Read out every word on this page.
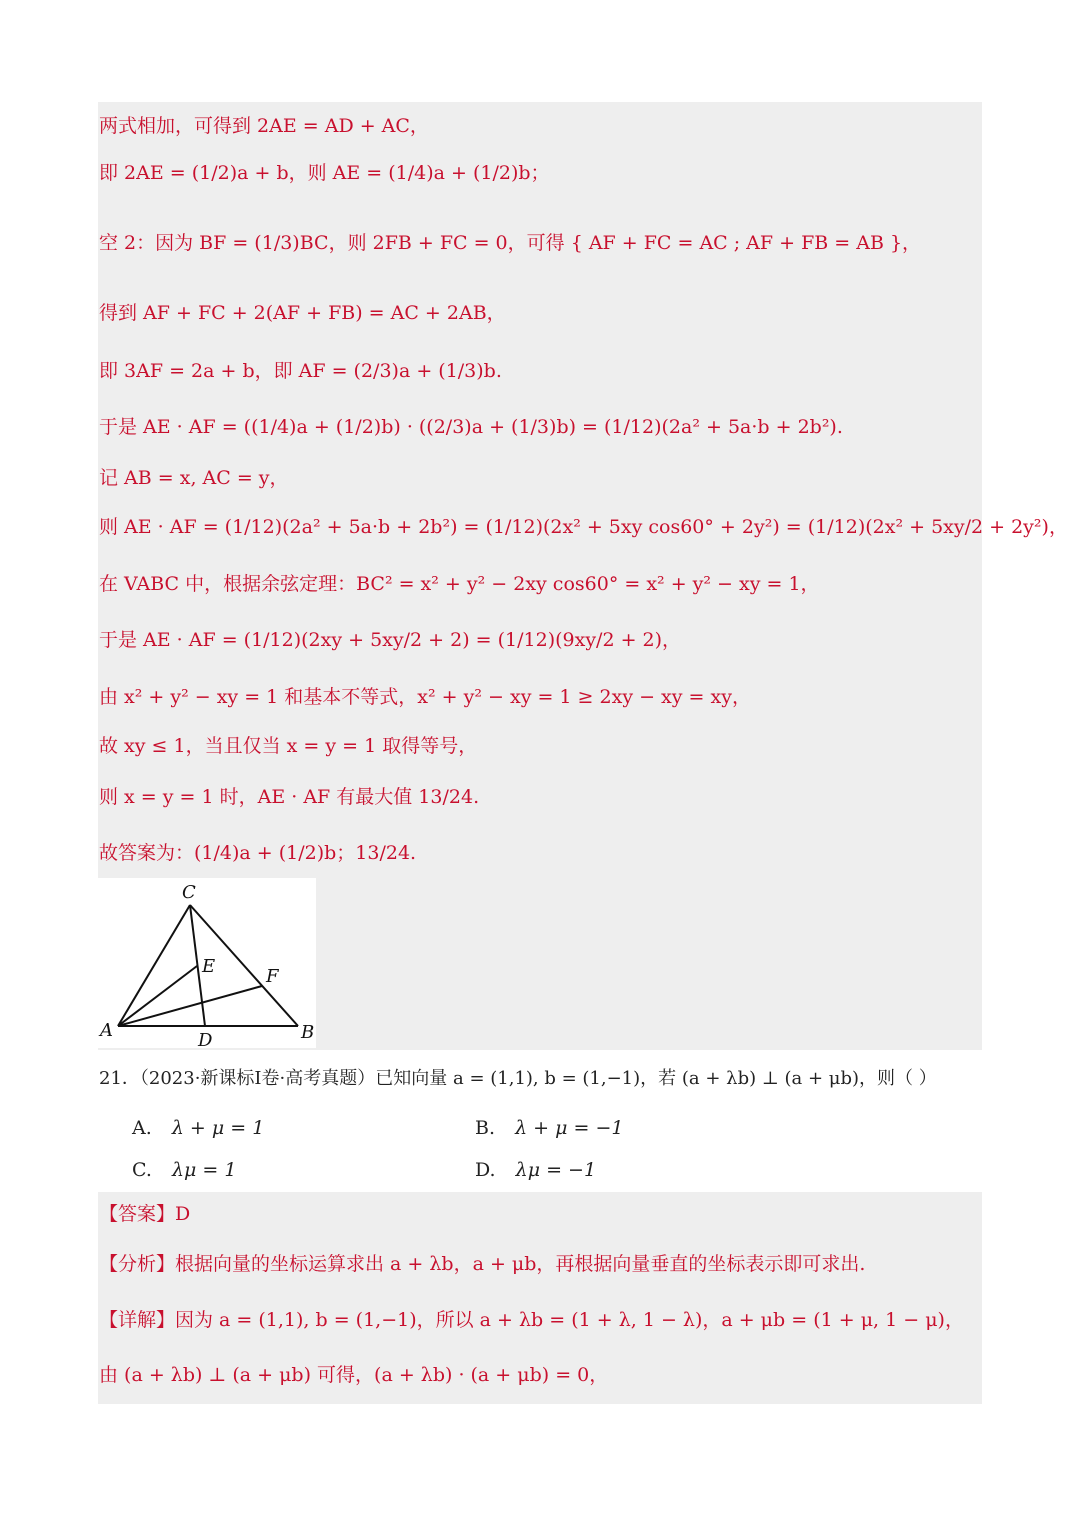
两式相加，可得到 2AE = AD + AC，
即 2AE = (1/2)a + b，则 AE = (1/4)a + (1/2)b；
空 2：因为 BF = (1/3)BC，则 2FB + FC = 0，可得 { AF + FC = AC ; AF + FB = AB }，
得到 AF + FC + 2(AF + FB) = AC + 2AB，
即 3AF = 2a + b，即 AF = (2/3)a + (1/3)b.
于是 AE · AF = ((1/4)a + (1/2)b) · ((2/3)a + (1/3)b) = (1/12)(2a² + 5a·b + 2b²).
记 AB = x, AC = y，
则 AE · AF = (1/12)(2a² + 5a·b + 2b²) = (1/12)(2x² + 5xy cos60° + 2y²) = (1/12)(2x² + 5xy/2 + 2y²)，
在 VABC 中，根据余弦定理：BC² = x² + y² − 2xy cos60° = x² + y² − xy = 1，
于是 AE · AF = (1/12)(2xy + 5xy/2 + 2) = (1/12)(9xy/2 + 2)，
由 x² + y² − xy = 1 和基本不等式，x² + y² − xy = 1 ≥ 2xy − xy = xy，
故 xy ≤ 1，当且仅当 x = y = 1 取得等号，
则 x = y = 1 时，AE · AF 有最大值 13/24.
故答案为：(1/4)a + (1/2)b；13/24.
C
E	F
A	D	B
21．（2023·新课标Ⅰ卷·高考真题）已知向量 a = (1,1), b = (1,−1)，若 (a + λb) ⊥ (a + μb)，则（ ）
A. λ + μ = 1	B. λ + μ = −1
C. λμ = 1	D. λμ = −1
【答案】D
【分析】根据向量的坐标运算求出 a + λb，a + μb，再根据向量垂直的坐标表示即可求出.
【详解】因为 a = (1,1), b = (1,−1)，所以 a + λb = (1 + λ, 1 − λ)，a + μb = (1 + μ, 1 − μ)，
由 (a + λb) ⊥ (a + μb) 可得，(a + λb) · (a + μb) = 0，
